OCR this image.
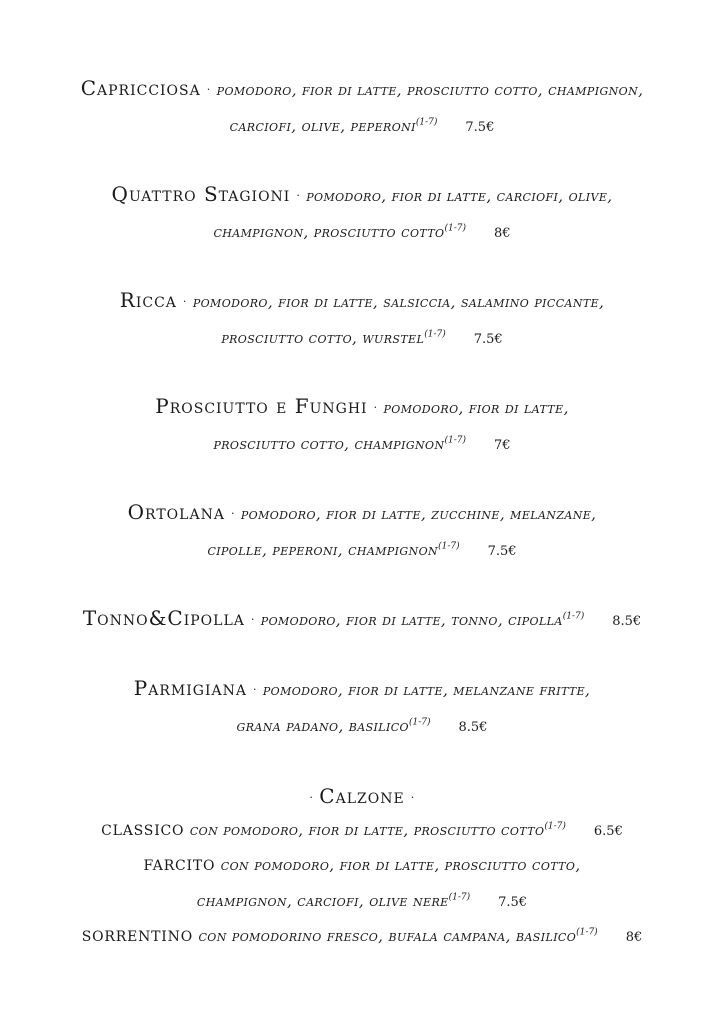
Capricciosa · pomodoro, fior di latte, prosciutto cotto, champignon,
carciofi, olive, peperoni$^{(1-7)}$ 7.5€
Quattro Stagioni · pomodoro, fior di latte, carciofi, olive,
champignon, prosciutto cotto$^{(1-7)}$ 8€
Ricca · pomodoro, fior di latte, salsiccia, salamino piccante,
prosciutto cotto, wurstel$^{(1-7)}$ 7.5€
Prosciutto e Funghi · pomodoro, fior di latte,
prosciutto cotto, champignon$^{(1-7)}$ 7€
Ortolana · pomodoro, fior di latte, zucchine, melanzane,
cipolle, peperoni, champignon$^{(1-7)}$ 7.5€
Tonno&Cipolla · pomodoro, fior di latte, tonno, cipolla$^{(1-7)}$ 8.5€
Parmigiana · pomodoro, fior di latte, melanzane fritte,
grana padano, basilico$^{(1-7)}$ 8.5€
· Calzone ·
CLASSICO con pomodoro, fior di latte, prosciutto cotto$^{(1-7)}$ 6.5€
FARCITO con pomodoro, fior di latte, prosciutto cotto,
champignon, carciofi, olive nere$^{(1-7)}$ 7.5€
SORRENTINO con pomodorino fresco, bufala campana, basilico$^{(1-7)}$ 8€
